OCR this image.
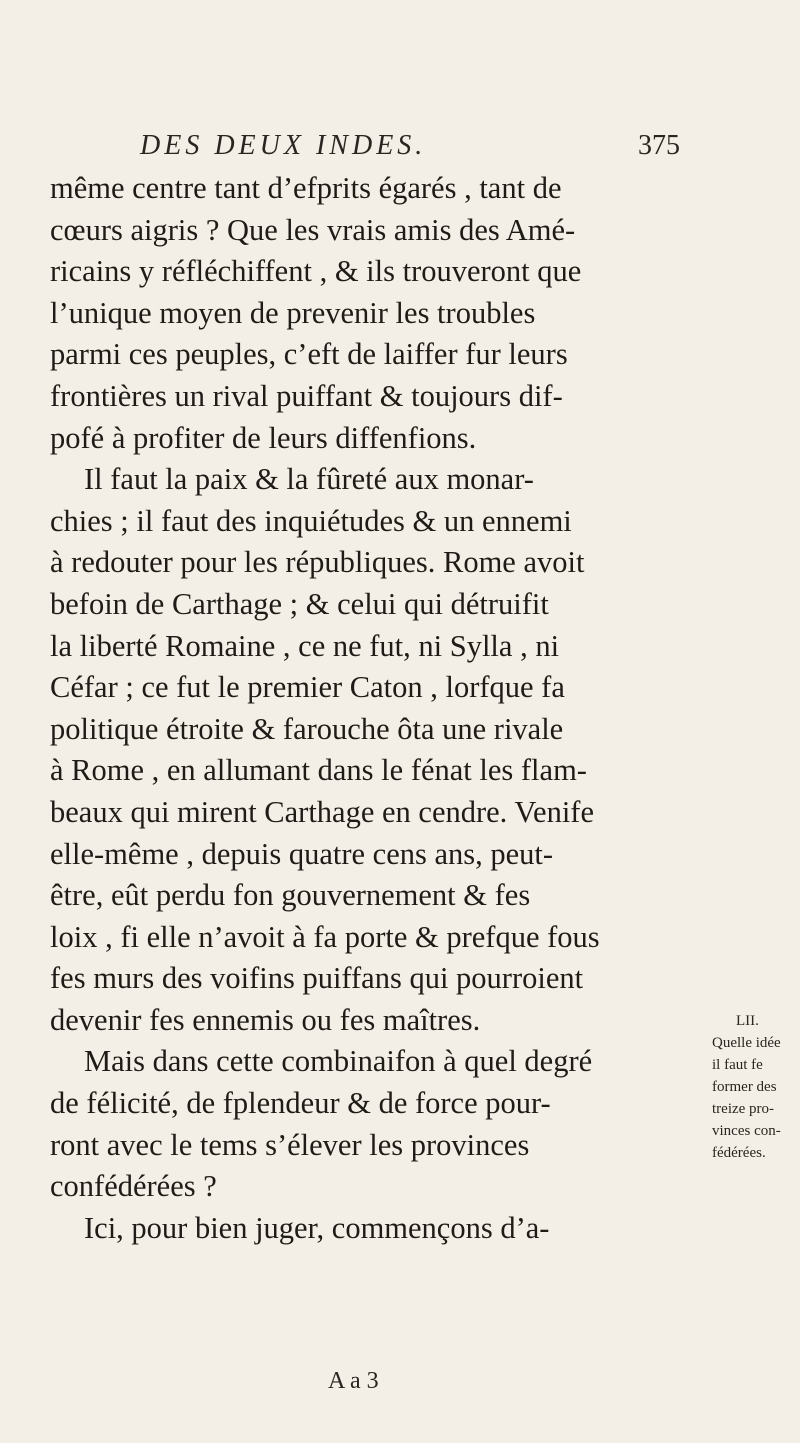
DES DEUX INDES.	375
même centre tant d’efprits égarés , tant de
cœurs aigris ? Que les vrais amis des Amé-
ricains y réfléchiffent , & ils trouveront que
l’unique moyen de prevenir les troubles
parmi ces peuples, c’eft de laiffer fur leurs
frontières un rival puiffant & toujours dif-
pofé à profiter de leurs diffenfions.
Il faut la paix & la fûreté aux monar-
chies ; il faut des inquiétudes & un ennemi
à redouter pour les républiques. Rome avoit
befoin de Carthage ; & celui qui détruifit
la liberté Romaine , ce ne fut, ni Sylla , ni
Céfar ; ce fut le premier Caton , lorfque fa
politique étroite & farouche ôta une rivale
à Rome , en allumant dans le fénat les flam-
beaux qui mirent Carthage en cendre. Venife
elle-même , depuis quatre cens ans, peut-
être, eût perdu fon gouvernement & fes
loix , fi elle n’avoit à fa porte & prefque fous
fes murs des voifins puiffans qui pourroient
devenir fes ennemis ou fes maîtres.
Mais dans cette combinaifon à quel degré
de félicité, de fplendeur & de force pour-
ront avec le tems s’élever les provinces
confédérées ?
Ici, pour bien juger, commençons d’a-
LII.
Quelle idée
il faut fe
former des
treize pro-
vinces con-
fédérées.
A a 3
